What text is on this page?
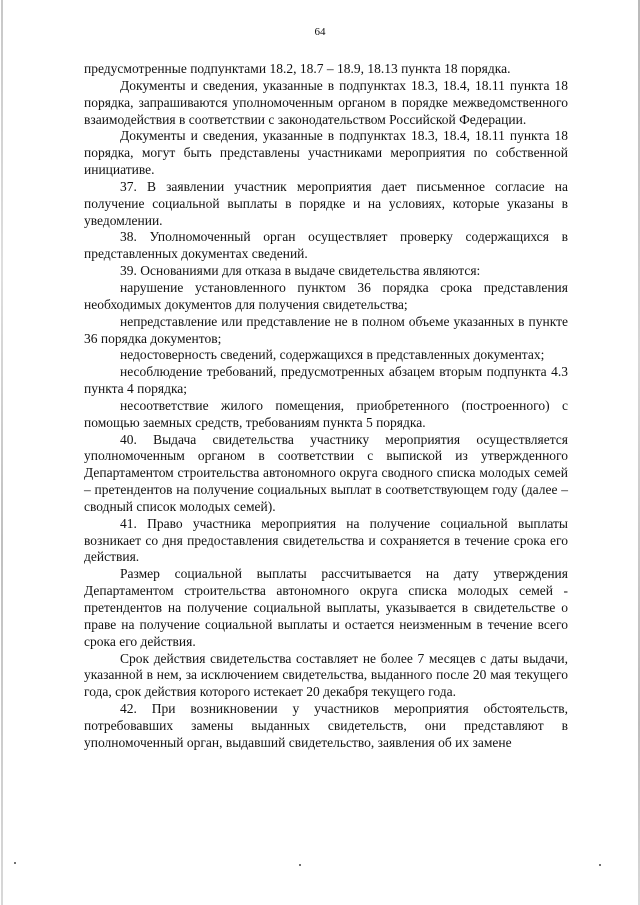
64

предусмотренные подпунктами 18.2, 18.7 – 18.9, 18.13 пункта 18 порядка.

Документы и сведения, указанные в подпунктах 18.3, 18.4, 18.11 пункта 18 порядка, запрашиваются уполномоченным органом в порядке межведомственного взаимодействия в соответствии с законодательством Российской Федерации.

Документы и сведения, указанные в подпунктах 18.3, 18.4, 18.11 пункта 18 порядка, могут быть представлены участниками мероприятия по собственной инициативе.

37. В заявлении участник мероприятия дает письменное согласие на получение социальной выплаты в порядке и на условиях, которые указаны в уведомлении.

38. Уполномоченный орган осуществляет проверку содержащихся в представленных документах сведений.

39. Основаниями для отказа в выдаче свидетельства являются:

нарушение установленного пунктом 36 порядка срока представления необходимых документов для получения свидетельства;

непредставление или представление не в полном объеме указанных в пункте 36 порядка документов;

недостоверность сведений, содержащихся в представленных документах;

несоблюдение требований, предусмотренных абзацем вторым подпункта 4.3 пункта 4 порядка;

несоответствие жилого помещения, приобретенного (построенного) с помощью заемных средств, требованиям пункта 5 порядка.

40. Выдача свидетельства участнику мероприятия осуществляется уполномоченным органом в соответствии с выпиской из утвержденного Департаментом строительства автономного округа сводного списка молодых семей – претендентов на получение социальных выплат в соответствующем году (далее – сводный список молодых семей).

41. Право участника мероприятия на получение социальной выплаты возникает со дня предоставления свидетельства и сохраняется в течение срока его действия.

Размер социальной выплаты рассчитывается на дату утверждения Департаментом строительства автономного округа списка молодых семей - претендентов на получение социальной выплаты, указывается в свидетельстве о праве на получение социальной выплаты и остается неизменным в течение всего срока его действия.

Срок действия свидетельства составляет не более 7 месяцев с даты выдачи, указанной в нем, за исключением свидетельства, выданного после 20 мая текущего года, срок действия которого истекает 20 декабря текущего года.

42. При возникновении у участников мероприятия обстоятельств, потребовавших замены выданных свидетельств, они представляют в уполномоченный орган, выдавший свидетельство, заявления об их замене
